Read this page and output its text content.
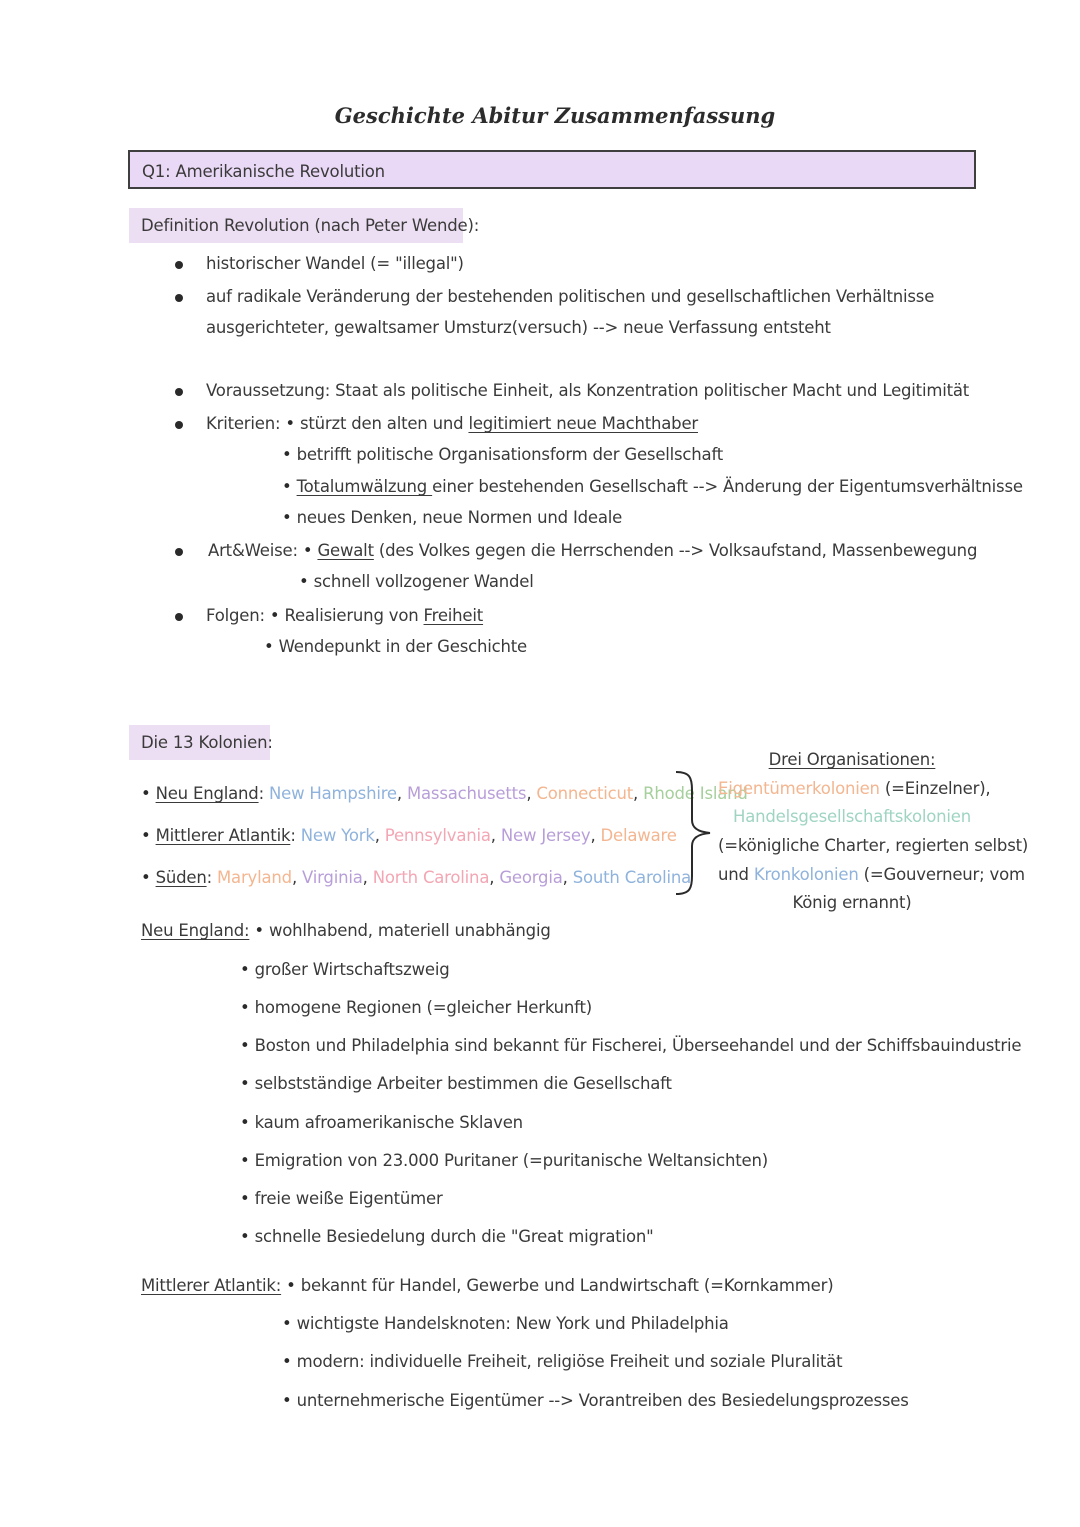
Geschichte Abitur Zusammenfassung
Q1: Amerikanische Revolution
Definition Revolution (nach Peter Wende):
historischer Wandel (= "illegal")
auf radikale Veränderung der bestehenden politischen und gesellschaftlichen Verhältnisse
ausgerichteter, gewaltsamer Umsturz(versuch) --> neue Verfassung entsteht
Voraussetzung: Staat als politische Einheit, als Konzentration politischer Macht und Legitimität
Kriterien: • stürzt den alten und legitimiert neue Machthaber
• betrifft politische Organisationsform der Gesellschaft
• Totalumwälzung einer bestehenden Gesellschaft --> Änderung der Eigentumsverhältnisse
• neues Denken, neue Normen und Ideale
Art&Weise: • Gewalt (des Volkes gegen die Herrschenden --> Volksaufstand, Massenbewegung
• schnell vollzogener Wandel
Folgen: • Realisierung von Freiheit
• Wendepunkt in der Geschichte
Die 13 Kolonien:
• Neu England: New Hampshire, Massachusetts, Connecticut, Rhode Island
• Mittlerer Atlantik: New York, Pennsylvania, New Jersey, Delaware
• Süden: Maryland, Virginia, North Carolina, Georgia, South Carolina
Drei Organisationen:
Eigentümerkolonien (=Einzelner),
Handelsgesellschaftskolonien
(=königliche Charter, regierten selbst)
und Kronkolonien (=Gouverneur; vom
König ernannt)
Neu England: • wohlhabend, materiell unabhängig
• großer Wirtschaftszweig
• homogene Regionen (=gleicher Herkunft)
• Boston und Philadelphia sind bekannt für Fischerei, Überseehandel und der Schiffsbauindustrie
• selbstständige Arbeiter bestimmen die Gesellschaft
• kaum afroamerikanische Sklaven
• Emigration von 23.000 Puritaner (=puritanische Weltansichten)
• freie weiße Eigentümer
• schnelle Besiedelung durch die "Great migration"
Mittlerer Atlantik: • bekannt für Handel, Gewerbe und Landwirtschaft (=Kornkammer)
• wichtigste Handelsknoten: New York und Philadelphia
• modern: individuelle Freiheit, religiöse Freiheit und soziale Pluralität
• unternehmerische Eigentümer --> Vorantreiben des Besiedelungsprozesses
